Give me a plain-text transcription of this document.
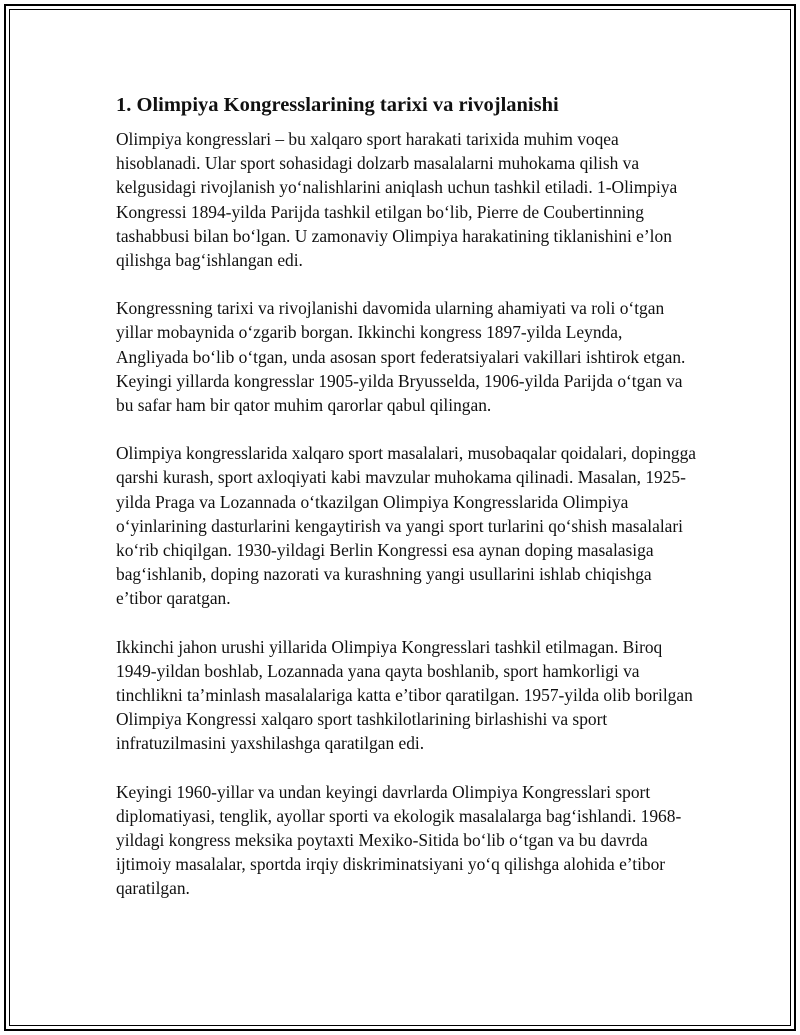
1. Olimpiya Kongresslarining tarixi va rivojlanishi

Olimpiya kongresslari – bu xalqaro sport harakati tarixida muhim voqea hisoblanadi. Ular sport sohasidagi dolzarb masalalarni muhokama qilish va kelgusidagi rivojlanish yo‘nalishlarini aniqlash uchun tashkil etiladi. 1-Olimpiya Kongressi 1894-yilda Parijda tashkil etilgan bo‘lib, Pierre de Coubertinning tashabbusi bilan bo‘lgan. U zamonaviy Olimpiya harakatining tiklanishini e’lon qilishga bag‘ishlangan edi.

Kongressning tarixi va rivojlanishi davomida ularning ahamiyati va roli o‘tgan yillar mobaynida o‘zgarib borgan. Ikkinchi kongress 1897-yilda Leynda, Angliyada bo‘lib o‘tgan, unda asosan sport federatsiyalari vakillari ishtirok etgan. Keyingi yillarda kongresslar 1905-yilda Bryusselda, 1906-yilda Parijda o‘tgan va bu safar ham bir qator muhim qarorlar qabul qilingan.

Olimpiya kongresslarida xalqaro sport masalalari, musobaqalar qoidalari, dopingga qarshi kurash, sport axloqiyati kabi mavzular muhokama qilinadi. Masalan, 1925-yilda Praga va Lozannada o‘tkazilgan Olimpiya Kongresslarida Olimpiya o‘yinlarining dasturlarini kengaytirish va yangi sport turlarini qo‘shish masalalari ko‘rib chiqilgan. 1930-yildagi Berlin Kongressi esa aynan doping masalasiga bag‘ishlanib, doping nazorati va kurashning yangi usullarini ishlab chiqishga e’tibor qaratgan.

Ikkinchi jahon urushi yillarida Olimpiya Kongresslari tashkil etilmagan. Biroq 1949-yildan boshlab, Lozannada yana qayta boshlanib, sport hamkorligi va tinchlikni ta’minlash masalalariga katta e’tibor qaratilgan. 1957-yilda olib borilgan Olimpiya Kongressi xalqaro sport tashkilotlarining birlashishi va sport infratuzilmasini yaxshilashga qaratilgan edi.

Keyingi 1960-yillar va undan keyingi davrlarda Olimpiya Kongresslari sport diplomatiyasi, tenglik, ayollar sporti va ekologik masalalarga bag‘ishlandi. 1968-yildagi kongress meksika poytaxti Mexiko-Sitida bo‘lib o‘tgan va bu davrda ijtimoiy masalalar, sportda irqiy diskriminatsiyani yo‘q qilishga alohida e’tibor qaratilgan.
